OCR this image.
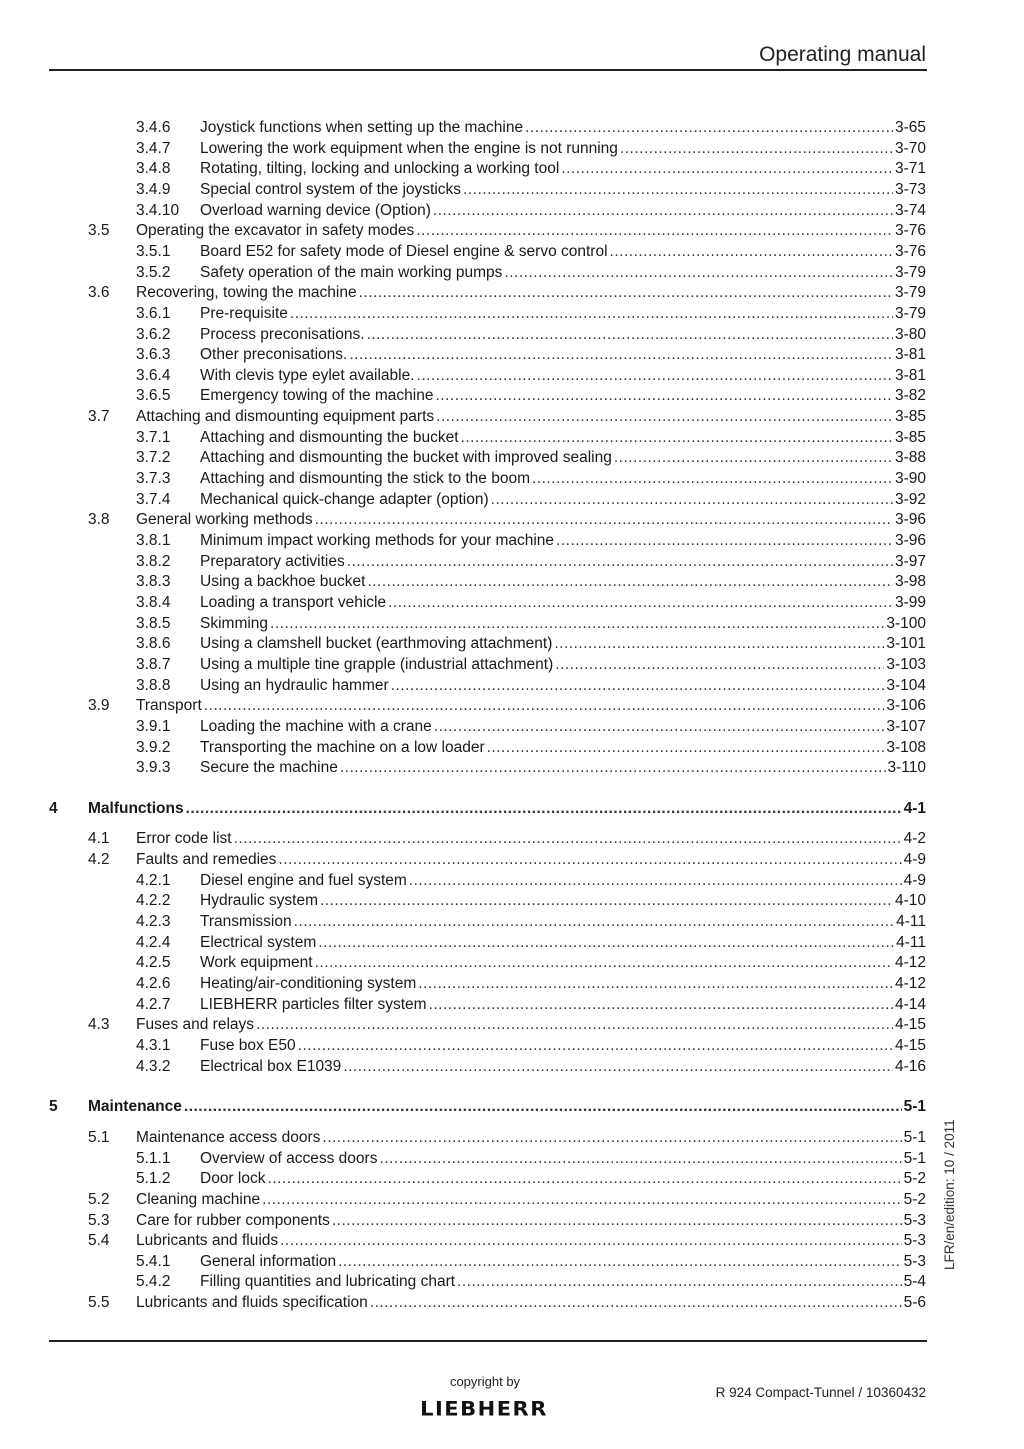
Operating manual
3.4.6 Joystick functions when setting up the machine .....	3-65
3.4.7 Lowering the work equipment when the engine is not running .....	3-70
3.4.8 Rotating, tilting, locking and unlocking a working tool .....	3-71
3.4.9 Special control system of the joysticks .....	3-73
3.4.10 Overload warning device (Option) .....	3-74
3.5 Operating the excavator in safety modes .....	3-76
3.5.1 Board E52 for safety mode of Diesel engine & servo control .....	3-76
3.5.2 Safety operation of the main working pumps .....	3-79
3.6 Recovering, towing the machine .....	3-79
3.6.1 Pre-requisite .....	3-79
3.6.2 Process preconisations. .....	3-80
3.6.3 Other preconisations. .....	3-81
3.6.4 With clevis type eylet available. .....	3-81
3.6.5 Emergency towing of the machine .....	3-82
3.7 Attaching and dismounting equipment parts .....	3-85
3.7.1 Attaching and dismounting the bucket .....	3-85
3.7.2 Attaching and dismounting the bucket with improved sealing .....	3-88
3.7.3 Attaching and dismounting the stick to the boom .....	3-90
3.7.4 Mechanical quick-change adapter (option) .....	3-92
3.8 General working methods .....	3-96
3.8.1 Minimum impact working methods for your machine .....	3-96
3.8.2 Preparatory activities .....	3-97
3.8.3 Using a backhoe bucket .....	3-98
3.8.4 Loading a transport vehicle .....	3-99
3.8.5 Skimming .....	3-100
3.8.6 Using a clamshell bucket (earthmoving attachment) .....	3-101
3.8.7 Using a multiple tine grapple (industrial attachment) .....	3-103
3.8.8 Using an hydraulic hammer .....	3-104
3.9 Transport .....	3-106
3.9.1 Loading the machine with a crane .....	3-107
3.9.2 Transporting the machine on a low loader .....	3-108
3.9.3 Secure the machine .....	3-110
4 Malfunctions .....	4-1
4.1 Error code list .....	4-2
4.2 Faults and remedies .....	4-9
4.2.1 Diesel engine and fuel system .....	4-9
4.2.2 Hydraulic system .....	4-10
4.2.3 Transmission .....	4-11
4.2.4 Electrical system .....	4-11
4.2.5 Work equipment .....	4-12
4.2.6 Heating/air-conditioning system .....	4-12
4.2.7 LIEBHERR particles filter system .....	4-14
4.3 Fuses and relays .....	4-15
4.3.1 Fuse box E50 .....	4-15
4.3.2 Electrical box E1039 .....	4-16
5 Maintenance .....	5-1
5.1 Maintenance access doors .....	5-1
5.1.1 Overview of access doors .....	5-1
5.1.2 Door lock .....	5-2
5.2 Cleaning machine .....	5-2
5.3 Care for rubber components .....	5-3
5.4 Lubricants and fluids .....	5-3
5.4.1 General information .....	5-3
5.4.2 Filling quantities and lubricating chart .....	5-4
5.5 Lubricants and fluids specification .....	5-6
LFR/en/edition: 10 / 2011
copyright by
LIEBHERR
R 924 Compact-Tunnel / 10360432
